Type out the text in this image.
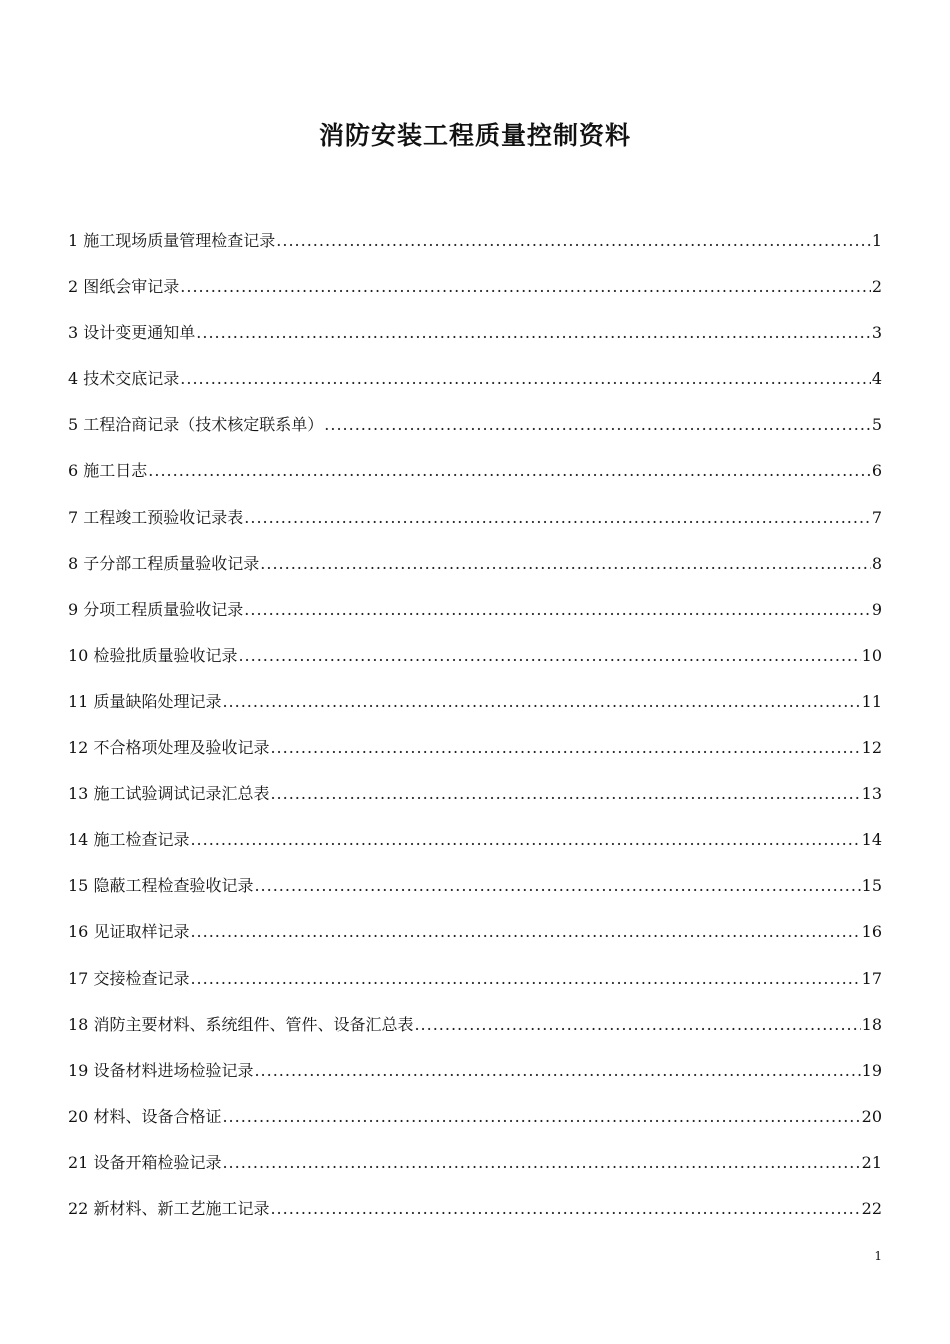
消防安装工程质量控制资料
1 施工现场质量管理检查记录 .....	1
2 图纸会审记录 .....	2
3 设计变更通知单 .....	3
4 技术交底记录 .....	4
5 工程洽商记录（技术核定联系单） .....	5
6 施工日志 .....	6
7 工程竣工预验收记录表 .....	7
8 子分部工程质量验收记录 .....	8
9 分项工程质量验收记录 .....	9
10 检验批质量验收记录 .....	10
11 质量缺陷处理记录 .....	11
12 不合格项处理及验收记录 .....	12
13 施工试验调试记录汇总表 .....	13
14 施工检查记录 .....	14
15 隐蔽工程检查验收记录 .....	15
16 见证取样记录 .....	16
17 交接检查记录 .....	17
18 消防主要材料、系统组件、管件、设备汇总表 .....	18
19 设备材料进场检验记录 .....	19
20 材料、设备合格证 .....	20
21 设备开箱检验记录 .....	21
22 新材料、新工艺施工记录 .....	22
1
